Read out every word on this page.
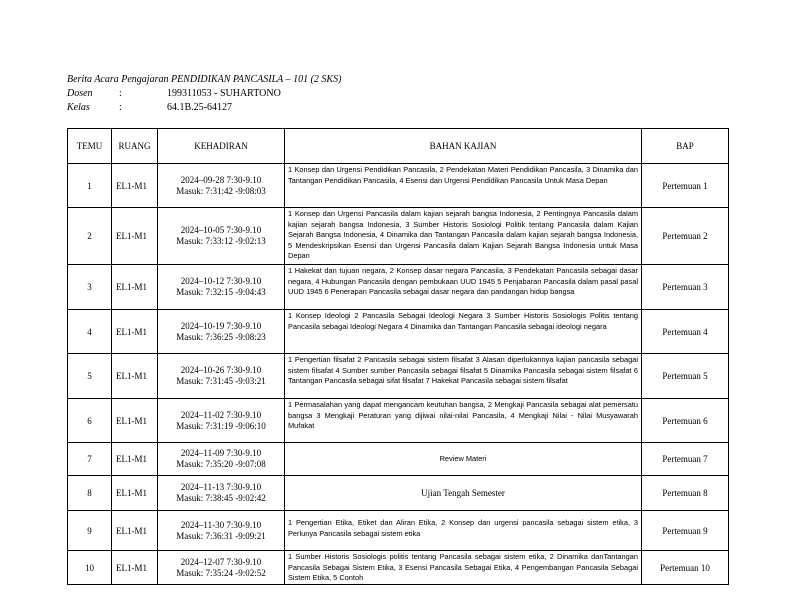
Berita Acara Pengajaran PENDIDIKAN PANCASILA – 101 (2 SKS)
Dosen	:	199311053 - SUHARTONO
Kelas	:	64.1B.25-64127
TEMU	RUANG	KEHADIRAN	BAHAN KAJIAN	BAP
1	EL1-M1	2024–09-28 7:30-9.10
Masuk: 7:31:42 -9:08:03	1 Konsep dan Urgensi Pendidikan Pancasila, 2 Pendekatan Materi Pendidikan Pancasila, 3 Dinamika dan Tantangan Pendidikan Pancasila, 4 Esensi dan Urgensi Pendidikan Pancasila Untuk Masa Depan	Pertemuan 1
2	EL1-M1	2024–10-05 7:30-9.10
Masuk: 7:33:12 -9:02:13	1 Konsep dan Urgensi Pancasila dalam kajian sejarah bangsa Indonesia, 2 Pentingnya Pancasila dalam kajian sejarah bangsa Indonesia, 3 Sumber Historis Sosiologi Politik tentang Pancasila dalam Kajian Sejarah Bangsa Indonesia, 4 Dinamika dan Tantangan Pancasila dalam kajian sejarah bangsa Indonesia, 5 Mendeskripsikan Esensi dan Urgensi Pancasila dalam Kajian Sejarah Bangsa Indonesia untuk Masa Depan	Pertemuan 2
3	EL1-M1	2024–10-12 7:30-9.10
Masuk: 7:32:15 -9:04:43	1 Hakekat dan tujuan negara, 2 Konsep dasar negara Pancasila, 3 Pendekatan Pancasila sebagai dasar negara, 4 Hubungan Pancasila dengan pembukaan UUD 1945 5 Penjabaran Pancasila dalam pasal pasal UUD 1945 6 Penerapan Pancasila sebagai dasar negara dan pandangan hidup bangsa	Pertemuan 3
4	EL1-M1	2024–10-19 7:30-9.10
Masuk: 7:36:25 -9:08:23	1 Konsep Ideologi 2 Pancasila Sebagai Ideologi Negara 3 Sumber Historis Sosiologis Politis tentang Pancasila sebagai Ideologi Negara 4 Dinamika dan Tantangan Pancasila sebagai ideologi negara	Pertemuan 4
5	EL1-M1	2024–10-26 7:30-9.10
Masuk: 7:31:45 -9:03:21	1 Pengertian filsafat 2 Pancasila sebagai sistem filsafat 3 Alasan diperlukannya kajian pancasila sebagai sistem filsafat 4 Sumber sumber Pancasila sebagai filsafat 5 Dinamika Pancasila sebagai sistem filsafat 6 Tantangan Pancasila sebagai sifat filsafat 7 Hakekat Pancasila sebagai sistem filsafat	Pertemuan 5
6	EL1-M1	2024–11-02 7:30-9.10
Masuk: 7:31:19 -9:06:10	1 Permasalahan yang dapat mengancam keutuhan bangsa, 2 Mengkaji Pancasila sebagai alat pemersatu bangsa 3 Mengkaji Peraturan yang dijiwai nilai-nilai Pancasila, 4 Mengkaji Nilai - Nilai Musyawarah Mufakat	Pertemuan 6
7	EL1-M1	2024–11-09 7:30-9.10
Masuk: 7:35:20 -9:07:08	Review Materi	Pertemuan 7
8	EL1-M1	2024–11-13 7:30-9.10
Masuk: 7:38:45 -9:02:42	Ujian Tengah Semester	Pertemuan 8
9	EL1-M1	2024–11-30 7:30-9.10
Masuk: 7:36:31 -9:09:21	1 Pengertian Etika, Etiket dan Aliran Etika, 2 Konsep dan urgensi pancasila sebagai sistem etika, 3 Perlunya Pancasila sebagai sistem etika	Pertemuan 9
10	EL1-M1	2024–12-07 7:30-9.10
Masuk: 7:35:24 -9:02:52	1 Sumber Historis Sosiologis politis tentang Pancasila sebagai sistem etika, 2 Dinamika danTantangan Pancasila Sebagai Sistem Etika, 3 Esensi Pancasila Sebagai Etika, 4 Pengembangan Pancasila Sebagai Sistem Etika, 5 Contoh	Pertemuan 10
